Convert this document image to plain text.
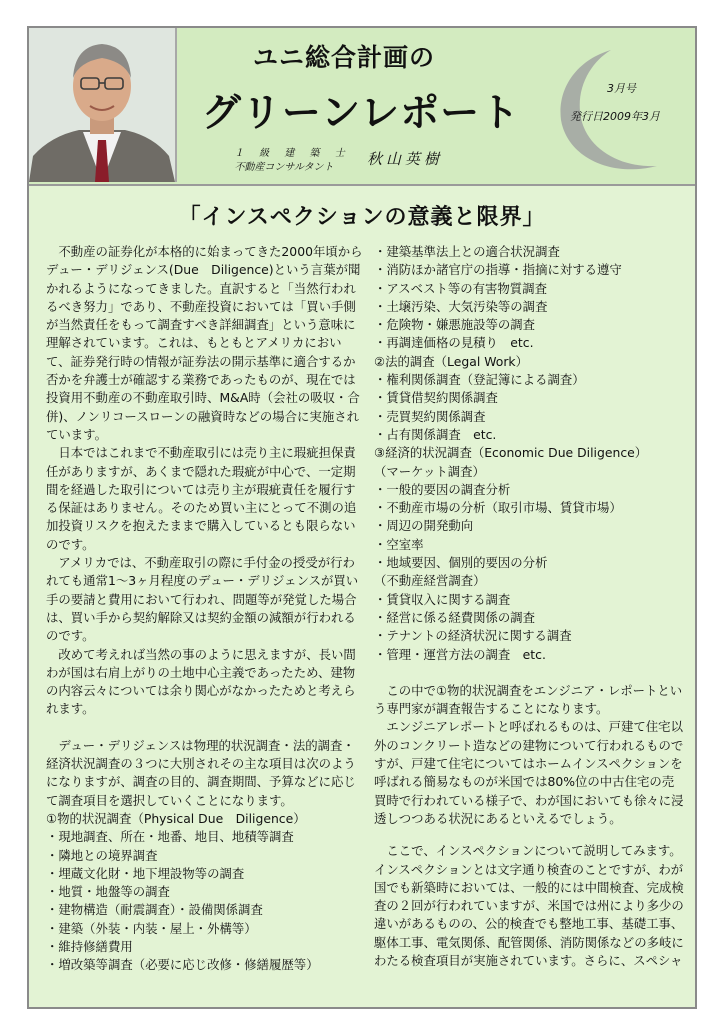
ユニ総合計画の
グリーンレポート
１ 級 建 築 士
不動産コンサルタント	秋山英樹
3月号
発行日2009年3月
「インスペクションの意義と限界」

不動産の証券化が本格的に始まってきた2000年頃からデュー・デリジェンス(Due　Diligence)という言葉が聞かれるようになってきました。直訳すると「当然行われるべき努力」であり、不動産投資においては「買い手側が当然責任をもって調査すべき詳細調査」という意味に理解されています。これは、もともとアメリカにおいて、証券発行時の情報が証券法の開示基準に適合するか否かを弁護士が確認する業務であったものが、現在では投資用不動産の不動産取引時、M&A時（会社の吸収・合併)、ノンリコースローンの融資時などの場合に実施されています。

日本ではこれまで不動産取引には売り主に瑕疵担保責任がありますが、あくまで隠れた瑕疵が中心で、一定期間を経過した取引については売り主が瑕疵責任を履行する保証はありません。そのため買い主にとって不測の追加投資リスクを抱えたままで購入しているとも限らないのです。

アメリカでは、不動産取引の際に手付金の授受が行われても通常1～3ヶ月程度のデュー・デリジェンスが買い手の要請と費用において行われ、問題等が発覚した場合は、買い手から契約解除又は契約金額の減額が行われるのです。

改めて考えれば当然の事のように思えますが、長い間わが国は右肩上がりの土地中心主義であったため、建物の内容云々については余り関心がなかったためと考えられます。

デュー・デリジェンスは物理的状況調査・法的調査・経済状況調査の３つに大別されその主な項目は次のようになりますが、調査の目的、調査期間、予算などに応じて調査項目を選択していくことになります。

①物的状況調査（Physical Due　Diligence）

・現地調査、所在・地番、地目、地積等調査

・隣地との境界調査

・埋蔵文化財・地下埋設物等の調査

・地質・地盤等の調査

・建物構造（耐震調査）・設備関係調査

・建築（外装・内装・屋上・外構等）

・維持修繕費用

・増改築等調査（必要に応じ改修・修繕履歴等）

・建築基準法上との適合状況調査

・消防ほか諸官庁の指導・指摘に対する遵守

・アスベスト等の有害物質調査

・土壌汚染、大気汚染等の調査

・危険物・嫌悪施設等の調査

・再調達価格の見積り　etc.

②法的調査（Legal Work）

・権利関係調査（登記簿による調査）

・賃貸借契約関係調査

・売買契約関係調査

・占有関係調査　etc.

③経済的状況調査（Economic Due Diligence）

（マーケット調査）

・一般的要因の調査分析

・不動産市場の分析（取引市場、賃貸市場）

・周辺の開発動向

・空室率

・地域要因、個別的要因の分析

（不動産経営調査）

・賃貸収入に関する調査

・経営に係る経費関係の調査

・テナントの経済状況に関する調査

・管理・運営方法の調査　etc.

この中で①物的状況調査をエンジニア・レポートという専門家が調査報告することになります。

エンジニアレポートと呼ばれるものは、戸建て住宅以外のコンクリート造などの建物について行われるものですが、戸建て住宅についてはホームインスペクションを呼ばれる簡易なものが米国では80%位の中古住宅の売買時で行われている様子で、わが国においても徐々に浸透しつつある状況にあるといえるでしょう。

ここで、インスペクションについて説明してみます。インスペクションとは文字通り検査のことですが、わが国でも新築時においては、一般的には中間検査、完成検査の２回が行われていますが、米国では州により多少の違いがあるものの、公的検査でも整地工事、基礎工事、駆体工事、電気関係、配管関係、消防関係などの多岐にわたる検査項目が実施されています。さらに、スペシャ
